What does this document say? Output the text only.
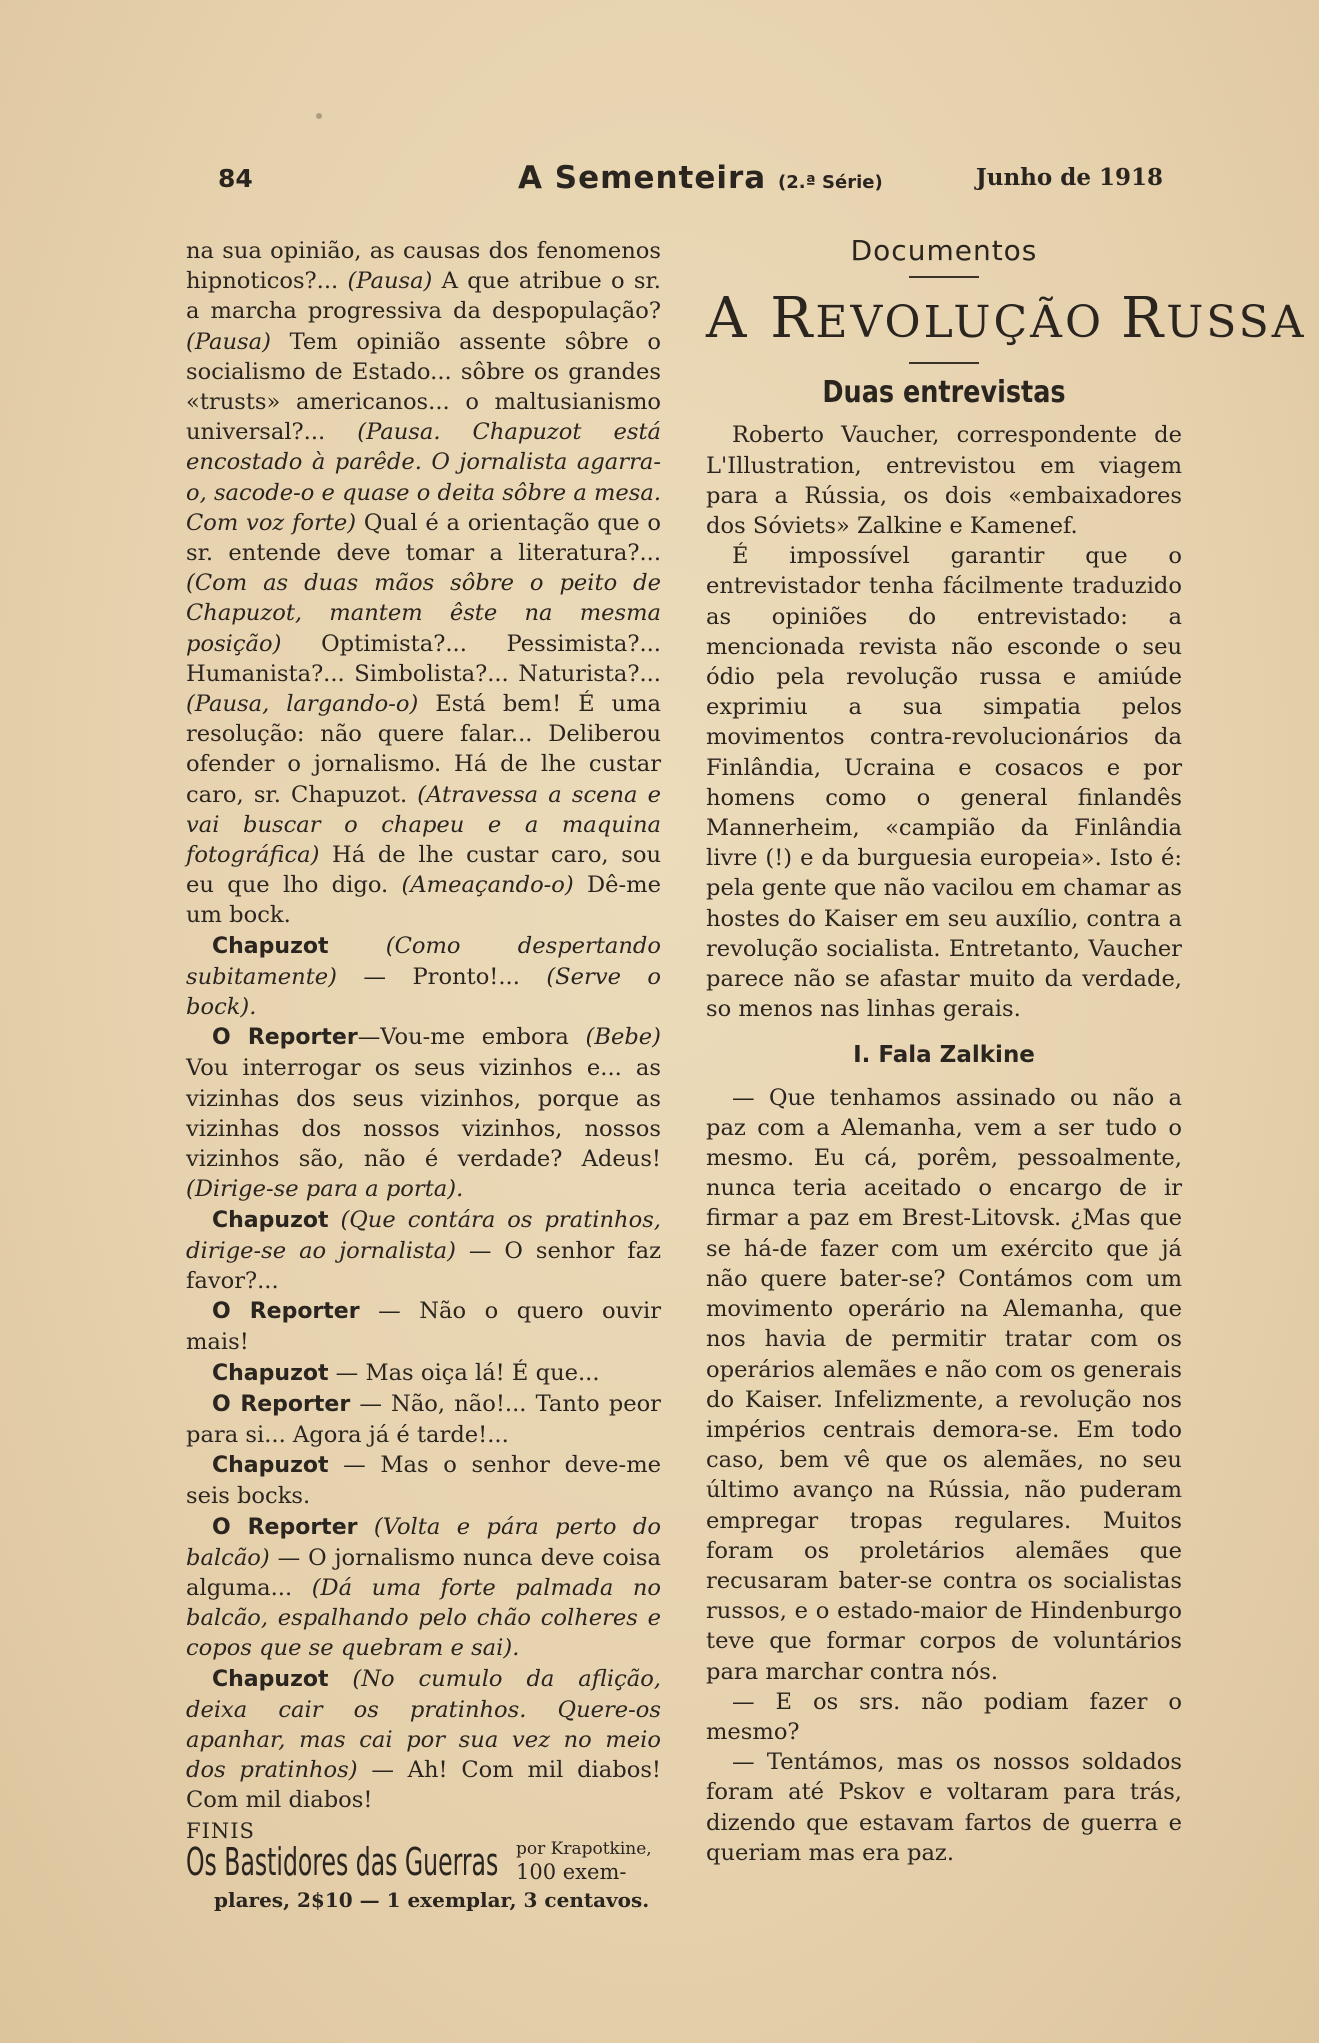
84	A Sementeira (2.ª Série)	Junho de 1918

na sua opinião, as causas dos fenomenos hipnoticos?... (Pausa) A que atribue o sr. a marcha progressiva da despopulação? (Pausa) Tem opinião assente sôbre o socialismo de Estado... sôbre os grandes «trusts» americanos... o maltusianismo universal?... (Pausa. Chapuzot está encostado à parêde. O jornalista agarra-o, sacode-o e quase o deita sôbre a mesa. Com voz forte) Qual é a orientação que o sr. entende deve tomar a literatura?... (Com as duas mãos sôbre o peito de Chapuzot, mantem êste na mesma posição) Optimista?... Pessimista?... Humanista?... Simbolista?... Naturista?... (Pausa, largando-o) Está bem! É uma resolução: não quere falar... Deliberou ofender o jornalismo. Há de lhe custar caro, sr. Chapuzot. (Atravessa a scena e vai buscar o chapeu e a maquina fotográfica) Há de lhe custar caro, sou eu que lho digo. (Ameaçando-o) Dê-me um bock.

Chapuzot (Como despertando subitamente) — Pronto!... (Serve o bock).

O Reporter—Vou-me embora (Bebe) Vou interrogar os seus vizinhos e... as vizinhas dos seus vizinhos, porque as vizinhas dos nossos vizinhos, nossos vizinhos são, não é verdade? Adeus! (Dirige-se para a porta).

Chapuzot (Que contára os pratinhos, dirige-se ao jornalista) — O senhor faz favor?...

O Reporter — Não o quero ouvir mais!

Chapuzot — Mas oiça lá! É que...

O Reporter — Não, não!... Tanto peor para si... Agora já é tarde!...

Chapuzot — Mas o senhor deve-me seis bocks.

O Reporter (Volta e pára perto do balcão) — O jornalismo nunca deve coisa alguma... (Dá uma forte palmada no balcão, espalhando pelo chão colheres e copos que se quebram e sai).

Chapuzot (No cumulo da aflição, deixa cair os pratinhos. Quere-os apanhar, mas cai por sua vez no meio dos pratinhos) — Ah! Com mil diabos! Com mil diabos!

FINIS

Os Bastidores das Guerras por Krapotkine,
100 exem-
plares, 2$10 — 1 exemplar, 3 centavos.
Documentos
A REVOLUÇÃO RUSSA
Duas entrevistas

Roberto Vaucher, correspondente de L'Illustration, entrevistou em viagem para a Rússia, os dois «embaixadores dos Sóviets» Zalkine e Kamenef.

É impossível garantir que o entrevistador tenha fácilmente traduzido as opiniões do entrevistado: a mencionada revista não esconde o seu ódio pela revolução russa e amiúde exprimiu a sua simpatia pelos movimentos contra-revolucionários da Finlândia, Ucraina e cosacos e por homens como o general finlandês Mannerheim, «campião da Finlândia livre (!) e da burguesia europeia». Isto é: pela gente que não vacilou em chamar as hostes do Kaiser em seu auxílio, contra a revolução socialista. Entretanto, Vaucher parece não se afastar muito da verdade, so menos nas linhas gerais.

I. Fala Zalkine

— Que tenhamos assinado ou não a paz com a Alemanha, vem a ser tudo o mesmo. Eu cá, porêm, pessoalmente, nunca teria aceitado o encargo de ir firmar a paz em Brest-Litovsk. ¿Mas que se há-de fazer com um exército que já não quere bater-se? Contámos com um movimento operário na Alemanha, que nos havia de permitir tratar com os operários alemães e não com os generais do Kaiser. Infelizmente, a revolução nos impérios centrais demora-se. Em todo caso, bem vê que os alemães, no seu último avanço na Rússia, não puderam empregar tropas regulares. Muitos foram os proletários alemães que recusaram bater-se contra os socialistas russos, e o estado-maior de Hindenburgo teve que formar corpos de voluntários para marchar contra nós.

— E os srs. não podiam fazer o mesmo?

— Tentámos, mas os nossos soldados foram até Pskov e voltaram para trás, dizendo que estavam fartos de guerra e queriam mas era paz.
